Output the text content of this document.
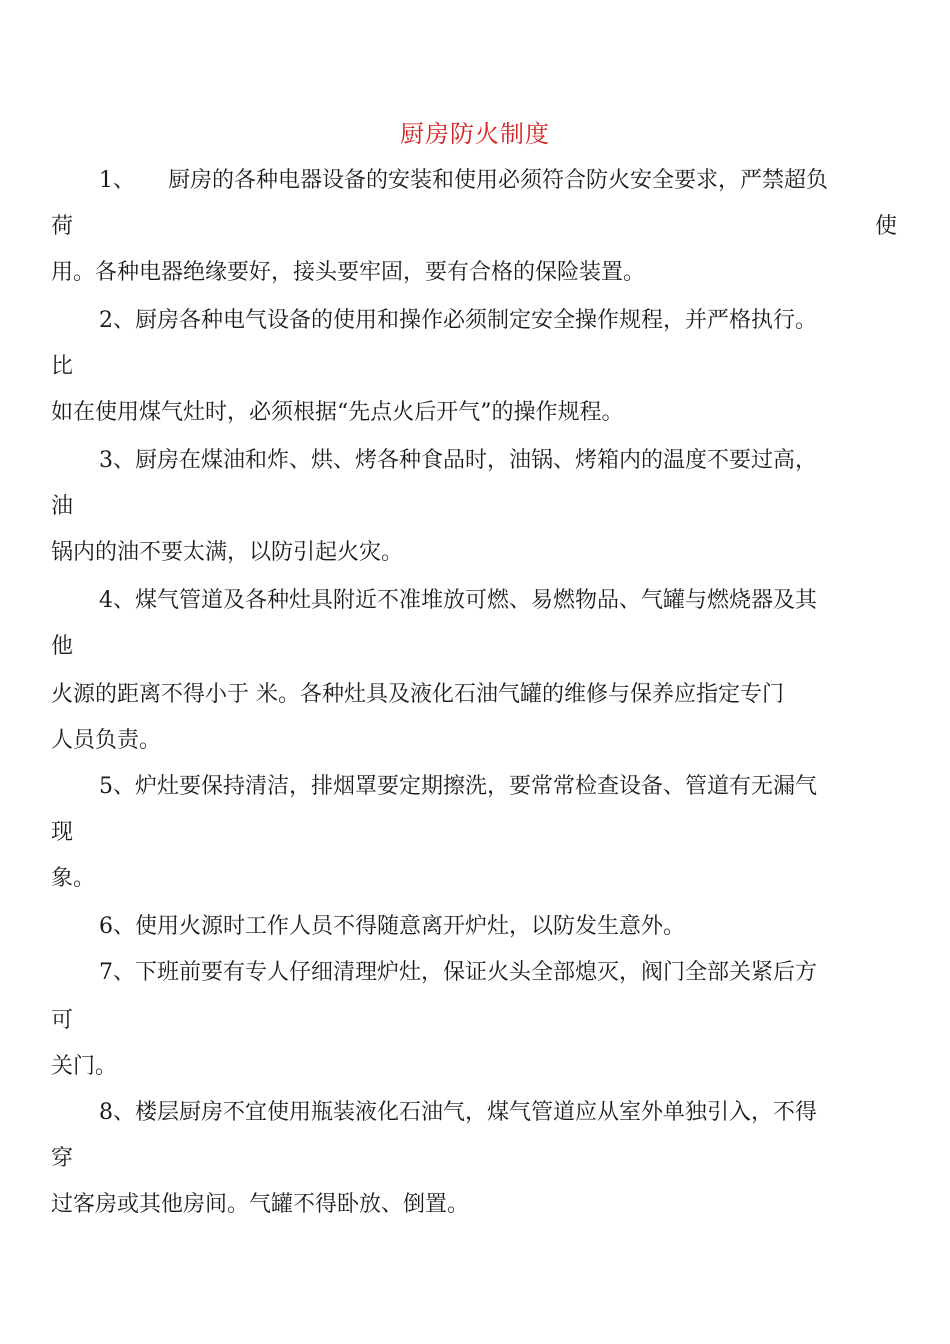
厨房防火制度
1、 厨房的各种电器设备的安装和使用必须符合防火安全要求，严禁超负
荷	使
用。各种电器绝缘要好，接头要牢固，要有合格的保险装置。
2、厨房各种电气设备的使用和操作必须制定安全操作规程，并严格执行。
比
如在使用煤气灶时，必须根据“先点火后开气”的操作规程。
3、厨房在煤油和炸、烘、烤各种食品时，油锅、烤箱内的温度不要过高，
油
锅内的油不要太满，以防引起火灾。
4、煤气管道及各种灶具附近不准堆放可燃、易燃物品、气罐与燃烧器及其
他
火源的距离不得小于 米。各种灶具及液化石油气罐的维修与保养应指定专门
人员负责。
5、炉灶要保持清洁，排烟罩要定期擦洗，要常常检查设备、管道有无漏气
现
象。
6、使用火源时工作人员不得随意离开炉灶，以防发生意外。
7、下班前要有专人仔细清理炉灶，保证火头全部熄灭，阀门全部关紧后方
可
关门。
8、楼层厨房不宜使用瓶装液化石油气，煤气管道应从室外单独引入，不得
穿
过客房或其他房间。气罐不得卧放、倒置。
